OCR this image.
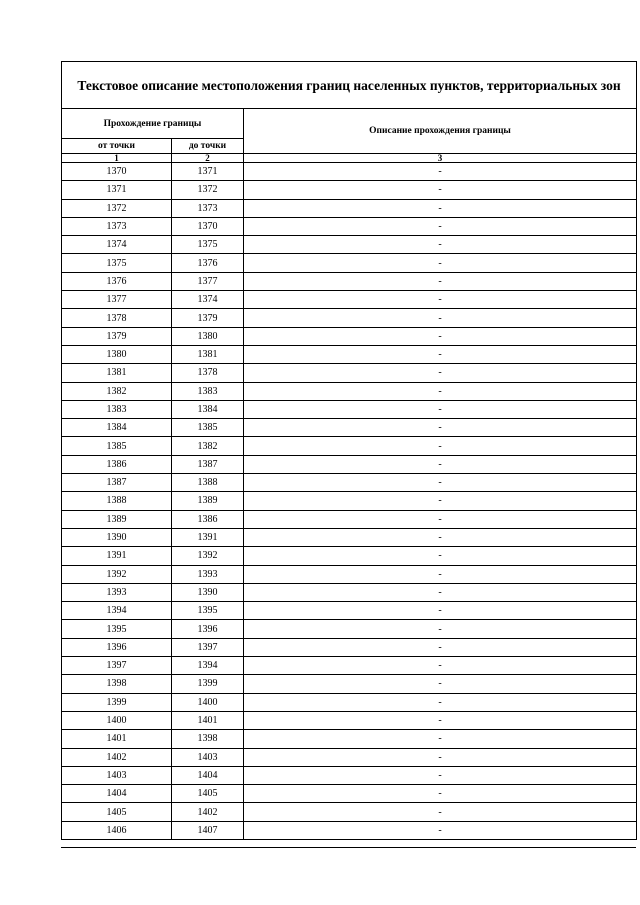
Текстовое описание местоположения границ населенных пунктов, территориальных зон		
Прохождение границы		Описание прохождения границы
от точки	до точки	
1	2	3
1370	1371	-
1371	1372	-
1372	1373	-
1373	1370	-
1374	1375	-
1375	1376	-
1376	1377	-
1377	1374	-
1378	1379	-
1379	1380	-
1380	1381	-
1381	1378	-
1382	1383	-
1383	1384	-
1384	1385	-
1385	1382	-
1386	1387	-
1387	1388	-
1388	1389	-
1389	1386	-
1390	1391	-
1391	1392	-
1392	1393	-
1393	1390	-
1394	1395	-
1395	1396	-
1396	1397	-
1397	1394	-
1398	1399	-
1399	1400	-
1400	1401	-
1401	1398	-
1402	1403	-
1403	1404	-
1404	1405	-
1405	1402	-
1406	1407	-
